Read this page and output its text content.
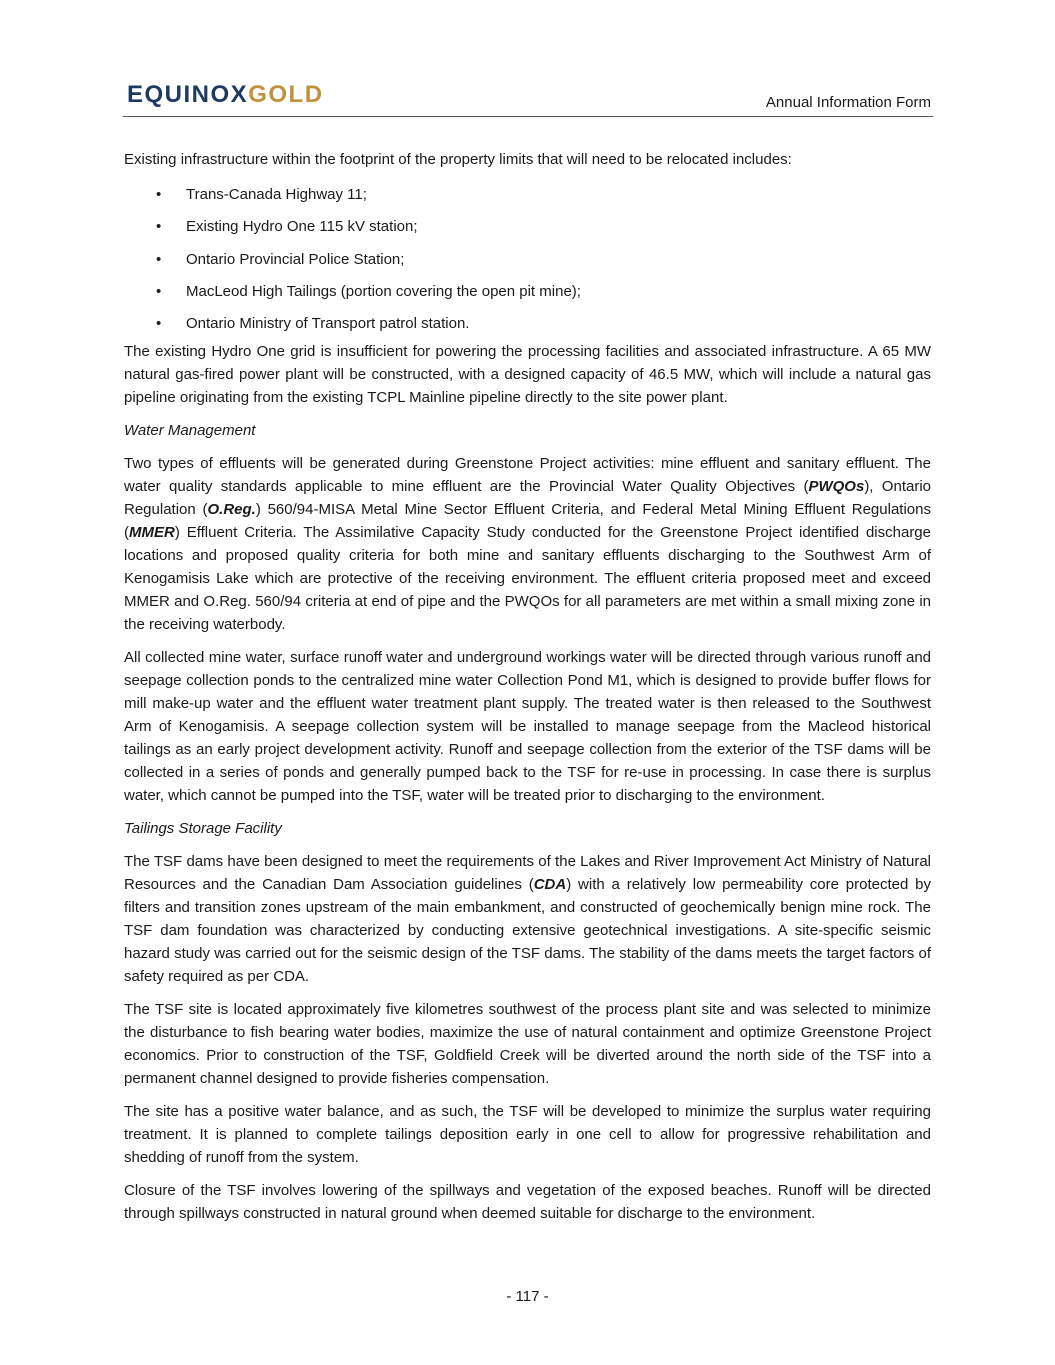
EQUINOXGOLD	Annual Information Form

Existing infrastructure within the footprint of the property limits that will need to be relocated includes:

• Trans-Canada Highway 11;
• Existing Hydro One 115 kV station;
• Ontario Provincial Police Station;
• MacLeod High Tailings (portion covering the open pit mine);
• Ontario Ministry of Transport patrol station.

The existing Hydro One grid is insufficient for powering the processing facilities and associated infrastructure. A 65 MW natural gas-fired power plant will be constructed, with a designed capacity of 46.5 MW, which will include a natural gas pipeline originating from the existing TCPL Mainline pipeline directly to the site power plant.

Water Management

Two types of effluents will be generated during Greenstone Project activities: mine effluent and sanitary effluent. The water quality standards applicable to mine effluent are the Provincial Water Quality Objectives (PWQOs), Ontario Regulation (O.Reg.) 560/94-MISA Metal Mine Sector Effluent Criteria, and Federal Metal Mining Effluent Regulations (MMER) Effluent Criteria. The Assimilative Capacity Study conducted for the Greenstone Project identified discharge locations and proposed quality criteria for both mine and sanitary effluents discharging to the Southwest Arm of Kenogamisis Lake which are protective of the receiving environment. The effluent criteria proposed meet and exceed MMER and O.Reg. 560/94 criteria at end of pipe and the PWQOs for all parameters are met within a small mixing zone in the receiving waterbody.

All collected mine water, surface runoff water and underground workings water will be directed through various runoff and seepage collection ponds to the centralized mine water Collection Pond M1, which is designed to provide buffer flows for mill make-up water and the effluent water treatment plant supply. The treated water is then released to the Southwest Arm of Kenogamisis. A seepage collection system will be installed to manage seepage from the Macleod historical tailings as an early project development activity. Runoff and seepage collection from the exterior of the TSF dams will be collected in a series of ponds and generally pumped back to the TSF for re-use in processing. In case there is surplus water, which cannot be pumped into the TSF, water will be treated prior to discharging to the environment.

Tailings Storage Facility

The TSF dams have been designed to meet the requirements of the Lakes and River Improvement Act Ministry of Natural Resources and the Canadian Dam Association guidelines (CDA) with a relatively low permeability core protected by filters and transition zones upstream of the main embankment, and constructed of geochemically benign mine rock. The TSF dam foundation was characterized by conducting extensive geotechnical investigations. A site-specific seismic hazard study was carried out for the seismic design of the TSF dams. The stability of the dams meets the target factors of safety required as per CDA.

The TSF site is located approximately five kilometres southwest of the process plant site and was selected to minimize the disturbance to fish bearing water bodies, maximize the use of natural containment and optimize Greenstone Project economics. Prior to construction of the TSF, Goldfield Creek will be diverted around the north side of the TSF into a permanent channel designed to provide fisheries compensation.

The site has a positive water balance, and as such, the TSF will be developed to minimize the surplus water requiring treatment. It is planned to complete tailings deposition early in one cell to allow for progressive rehabilitation and shedding of runoff from the system.

Closure of the TSF involves lowering of the spillways and vegetation of the exposed beaches. Runoff will be directed through spillways constructed in natural ground when deemed suitable for discharge to the environment.

- 117 -
